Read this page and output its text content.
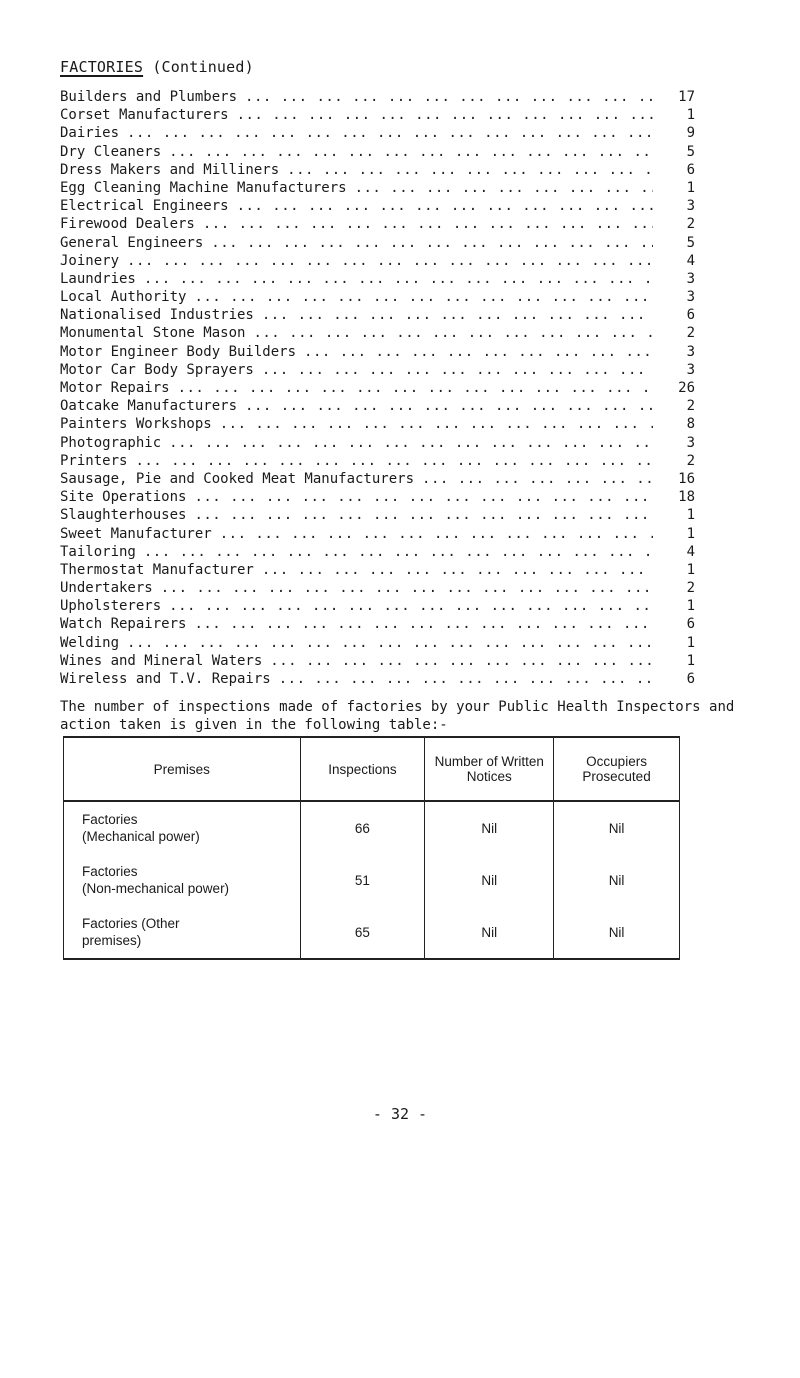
FACTORIES (Continued)
Builders and Plumbers ... .	17
Corset Manufacturers ... .	1
Dairies ... .	9
Dry Cleaners ... .	5
Dress Makers and Milliners ... .	6
Egg Cleaning Machine Manufacturers ... .	1
Electrical Engineers ... .	3
Firewood Dealers ... .	2
General Engineers ... .	5
Joinery ... .	4
Laundries ... .	3
Local Authority ... .	3
Nationalised Industries ... .	6
Monumental Stone Mason ... .	2
Motor Engineer Body Builders ... .	3
Motor Car Body Sprayers ... .	3
Motor Repairs ... .	26
Oatcake Manufacturers ... .	2
Painters Workshops ... .	8
Photographic ... .	3
Printers ... .	2
Sausage, Pie and Cooked Meat Manufacturers ... .	16
Site Operations ... .	18
Slaughterhouses ... .	1
Sweet Manufacturer ... .	1
Tailoring ... .	4
Thermostat Manufacturer ... .	1
Undertakers ... .	2
Upholsterers ... .	1
Watch Repairers ... .	6
Welding ... .	1
Wines and Mineral Waters ... .	1
Wireless and T.V. Repairs ... .	6
The number of inspections made of factories by your Public Health Inspectors and action taken is given in the following table:-
Premises	Inspections	Number of Written Notices	Occupiers Prosecuted

Factories
(Mechanical power)	66	Nil	Nil

Factories
(Non-mechanical power)	51	Nil	Nil

Factories (Other
premises)	65	Nil	Nil
- 32 -
